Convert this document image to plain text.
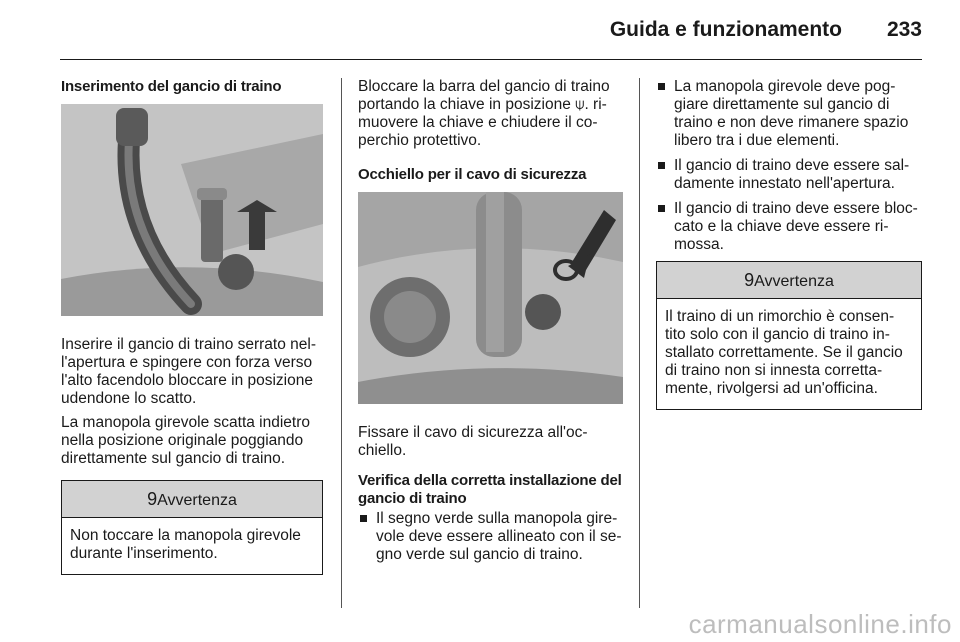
Guida e funzionamento 233
Inserimento del gancio di traino
Inserire il gancio di traino serrato nel-l'apertura e spingere con forza verso l'alto facendolo bloccare in posizione udendone lo scatto.
La manopola girevole scatta indietro nella posizione originale poggiando direttamente sul gancio di traino.
9Avvertenza
Non toccare la manopola girevole durante l'inserimento.
Bloccare la barra del gancio di traino portando la chiave in posizione ⍦. ri-muovere la chiave e chiudere il co-perchio protettivo.
Occhiello per il cavo di sicurezza
Fissare il cavo di sicurezza all'oc-chiello.
Verifica della corretta installazione del gancio di traino
Il segno verde sulla manopola gire-vole deve essere allineato con il se-gno verde sul gancio di traino.
La manopola girevole deve pog-giare direttamente sul gancio di traino e non deve rimanere spazio libero tra i due elementi.
Il gancio di traino deve essere sal-damente innestato nell'apertura.
Il gancio di traino deve essere bloc-cato e la chiave deve essere ri-mossa.
9Avvertenza
Il traino di un rimorchio è consen-tito solo con il gancio di traino in-stallato correttamente. Se il gancio di traino non si innesta corretta-mente, rivolgersi ad un'officina.
carmanualsonline.info
